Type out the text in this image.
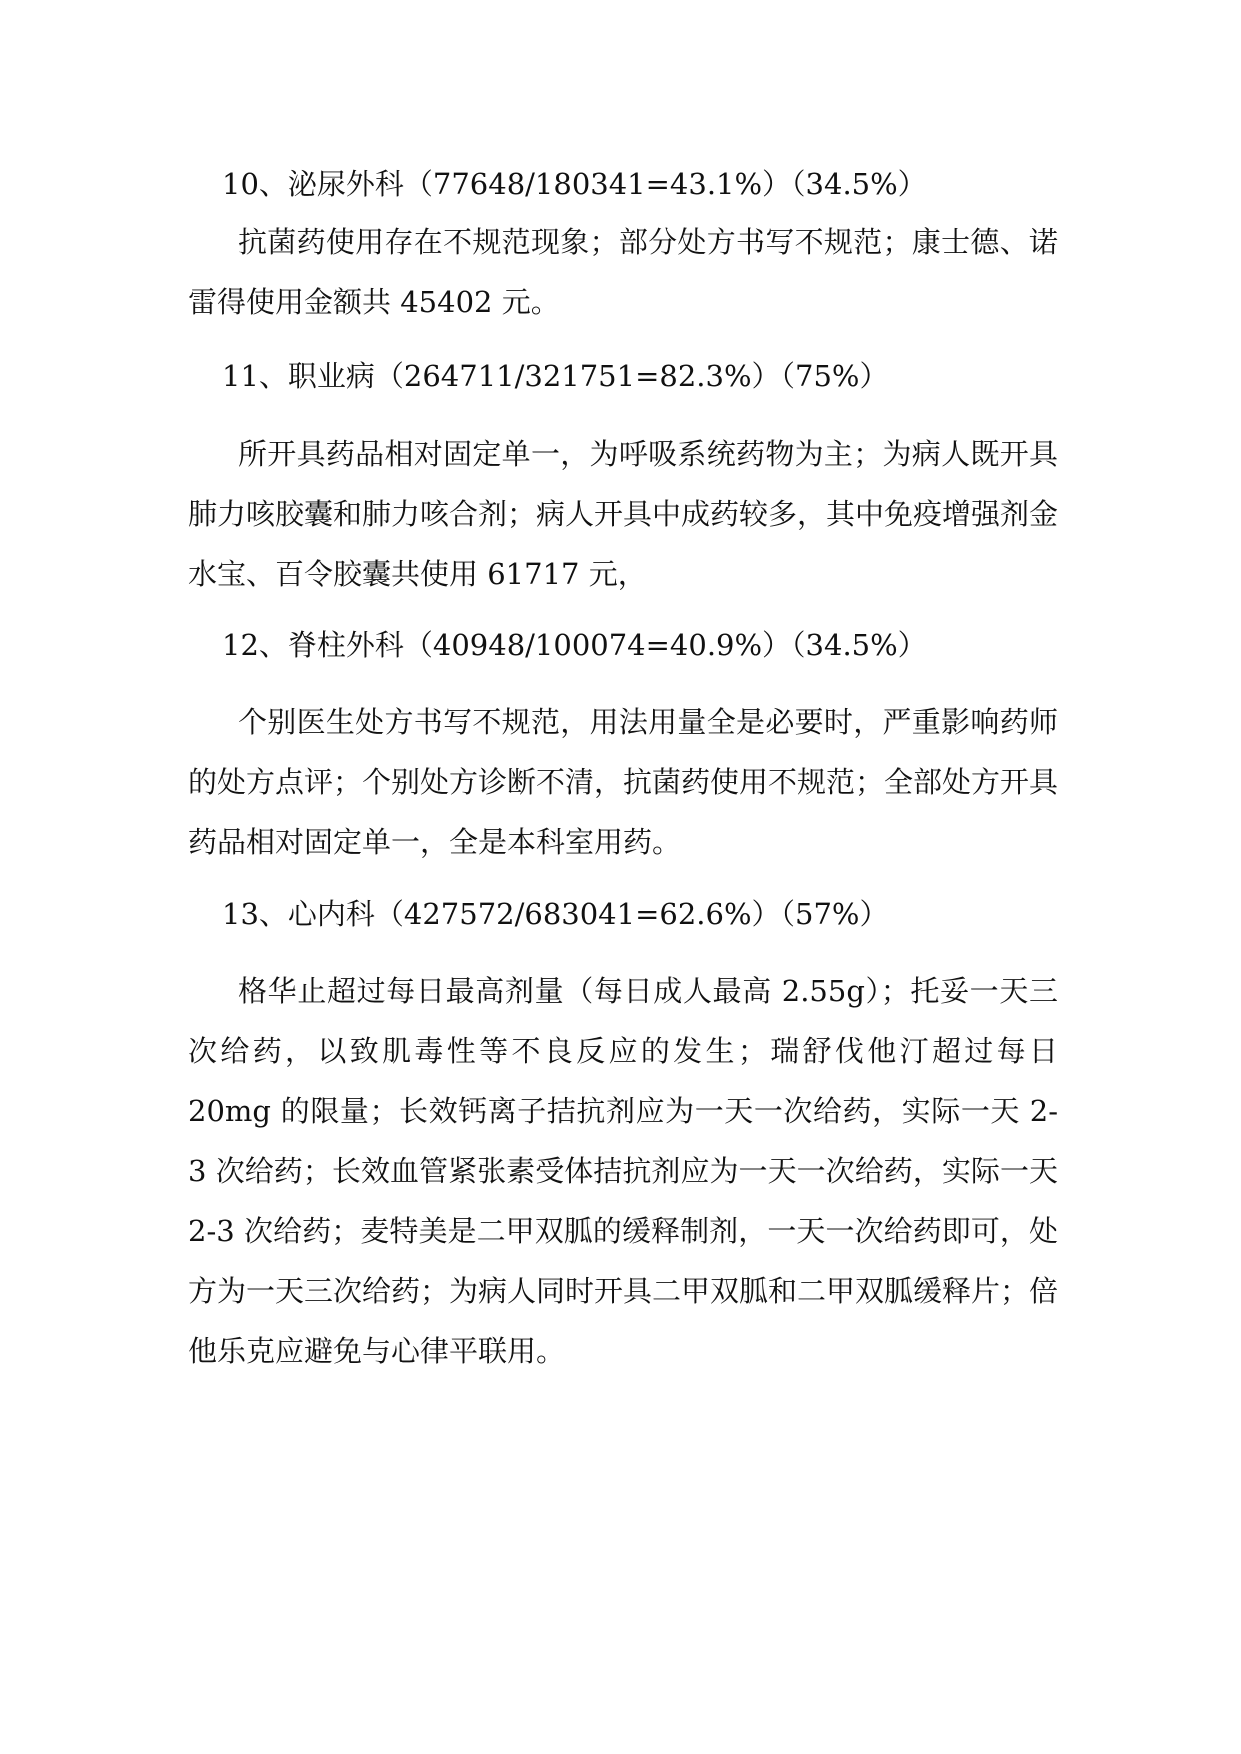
10、泌尿外科（77648/180341=43.1%）（34.5%）

抗菌药使用存在不规范现象；部分处方书写不规范；康士德、诺雷得使用金额共 45402 元。

11、职业病（264711/321751=82.3%）（75%）

所开具药品相对固定单一，为呼吸系统药物为主；为病人既开具肺力咳胶囊和肺力咳合剂；病人开具中成药较多，其中免疫增强剂金水宝、百令胶囊共使用 61717 元，

12、脊柱外科（40948/100074=40.9%）（34.5%）

个别医生处方书写不规范，用法用量全是必要时，严重影响药师的处方点评；个别处方诊断不清，抗菌药使用不规范；全部处方开具药品相对固定单一，全是本科室用药。

13、心内科（427572/683041=62.6%）（57%）

格华止超过每日最高剂量（每日成人最高 2.55g）；托妥一天三次给药，以致肌毒性等不良反应的发生；瑞舒伐他汀超过每日 20mg 的限量；长效钙离子拮抗剂应为一天一次给药，实际一天 2-3 次给药；长效血管紧张素受体拮抗剂应为一天一次给药，实际一天 2-3 次给药；麦特美是二甲双胍的缓释制剂，一天一次给药即可，处方为一天三次给药；为病人同时开具二甲双胍和二甲双胍缓释片；倍他乐克应避免与心律平联用。
